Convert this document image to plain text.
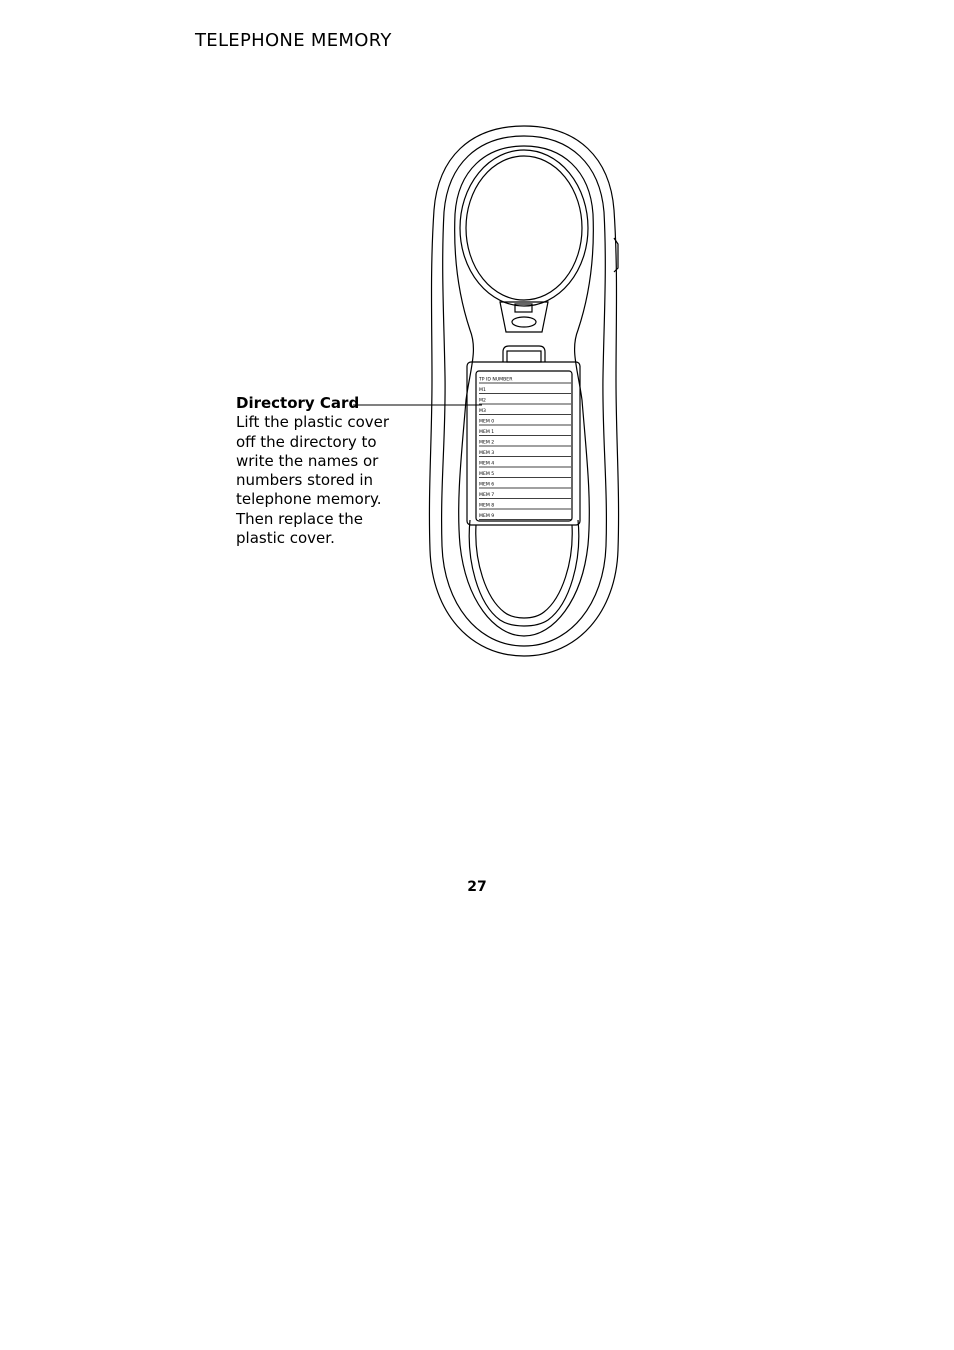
TELEPHONE MEMORY
Directory Card
Lift the plastic cover off the directory to write the names or numbers stored in telephone memory. Then replace the plastic cover.
TP ID NUMBER
M1
M2
M3
MEM 0
MEM 1
MEM 2
MEM 3
MEM 4
MEM 5
MEM 6
MEM 7
MEM 8
MEM 9
27
